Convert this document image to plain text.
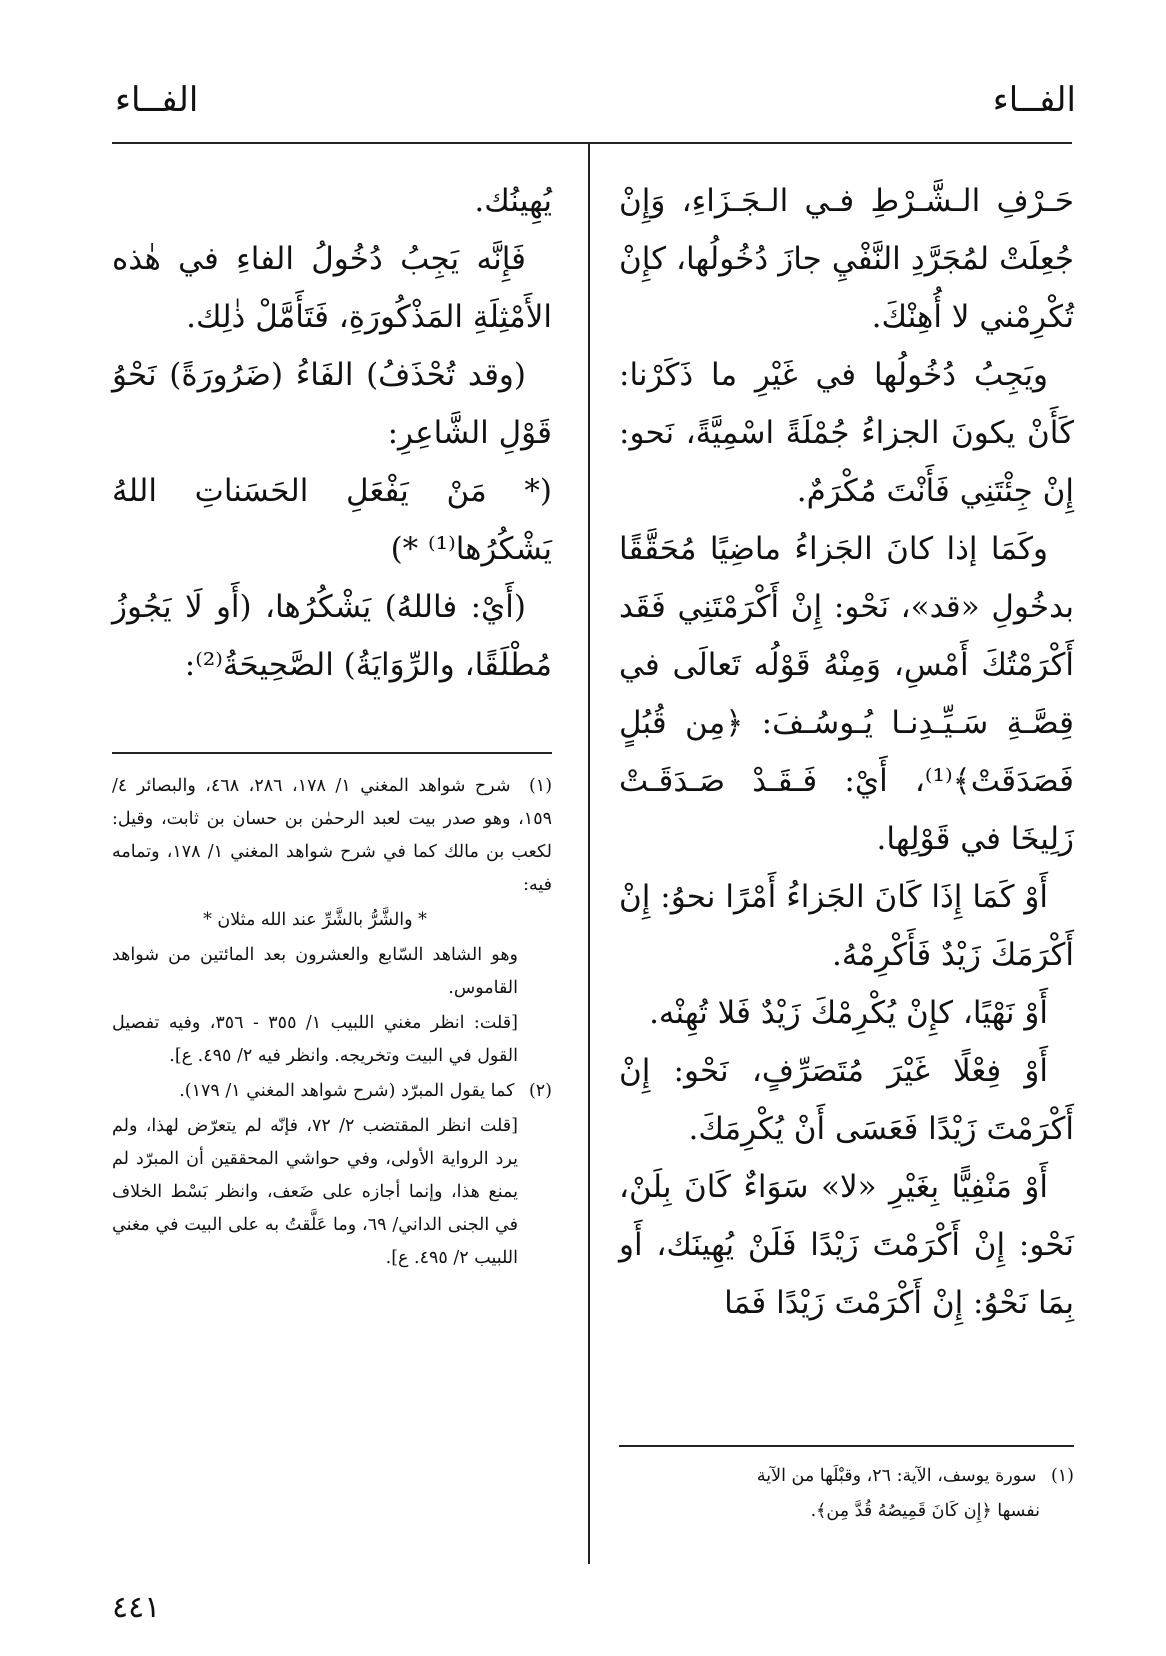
الفــاء
الفــاء

حَـرْفِ الـشَّـرْطِ فـي الـجَـزَاءِ، وَإِنْ جُعِلَتْ لمُجَرَّدِ النَّفْيِ جازَ دُخُولُها، كإِنْ تُكْرِمْني لا أُهِنْكَ.

ويَجِبُ دُخُولُها في غَيْرِ ما ذَكَرْنا: كَأَنْ يكونَ الجزاءُ جُمْلَةً اسْمِيَّةً، نَحو: إِنْ جِئْتَنِي فَأَنْتَ مُكْرَمٌ.

وكَمَا إذا كانَ الجَزاءُ ماضِيًا مُحَقَّقًا بدخُولِ «قد»، نَحْو: إِنْ أَكْرَمْتَنِي فَقَد أَكْرَمْتُكَ أَمْسِ، وَمِنْهُ قَوْلُه تَعالَى في قِصَّـةِ سَـيِّـدِنـا يُـوسُـفَ: ﴿مِن قُبُلٍ فَصَدَقَتْ﴾⁽¹⁾، أَيْ: فَـقَـدْ صَـدَقَـتْ زَلِيخَا في قَوْلِها.

أَوْ كَمَا إِذَا كَانَ الجَزاءُ أَمْرًا نحوُ: إِنْ أَكْرَمَكَ زَيْدٌ فَأَكْرِمْهُ.

أَوْ نَهْيًا، كإِنْ يُكْرِمْكَ زَيْدٌ فَلا تُهِنْه.

أَوْ فِعْلًا غَيْرَ مُتَصَرِّفٍ، نَحْو: إِنْ أَكْرَمْتَ زَيْدًا فَعَسَى أَنْ يُكْرِمَكَ.

أَوْ مَنْفِيًّا بِغَيْرِ «لا» سَوَاءٌ كَانَ بِلَنْ، نَحْو: إِنْ أَكْرَمْتَ زَيْدًا فَلَنْ يُهِينَك، أَو بِمَا نَحْوُ: إِنْ أَكْرَمْتَ زَيْدًا فَمَا

يُهِينُك.

فَإِنَّه يَجِبُ دُخُولُ الفاءِ في هٰذه الأَمْثِلَةِ المَذْكُورَةِ، فَتَأَمَّلْ ذٰلِك.

(وقد تُحْذَفُ) الفَاءُ (ضَرُورَةً) نَحْوُ قَوْلِ الشَّاعِرِ:

(* مَنْ يَفْعَلِ الحَسَناتِ اللهُ يَشْكُرُها⁽¹⁾ *)

(أَيْ: فاللهُ) يَشْكُرُها، (أَو لَا يَجُوزُ مُطْلَقًا، والرِّوَايَةُ) الصَّحِيحَةُ⁽²⁾:

(١) شرح شواهد المغني ١/ ١٧٨، ٢٨٦، ٤٦٨، والبصائر ٤/ ١٥٩، وهو صدر بيت لعبد الرحمٰن بن حسان بن ثابت، وقيل: لكعب بن مالك كما في شرح شواهد المغني ١/ ١٧٨، وتمامه فيه:

* والشَّرُّ بالشَّرِّ عند الله مثلان *

وهو الشاهد السّابع والعشرون بعد المائتين من شواهد القاموس.

[قلت: انظر مغني اللبيب ١/ ٣٥٥ - ٣٥٦، وفيه تفصيل القول في البيت وتخريجه. وانظر فيه ٢/ ٤٩٥. ع].

(٢) كما يقول المبرّد (شرح شواهد المغني ١/ ١٧٩).

[قلت انظر المقتضب ٢/ ٧٢، فإنّه لم يتعرّض لهذا، ولم يرد الرواية الأولى، وفي حواشي المحققين أن المبرّد لم يمنع هذا، وإنما أجازه على ضَعف، وانظر بَسْط الخلاف في الجنى الداني/ ٦٩، وما عَلَّقتُ به على البيت في مغني اللبيب ٢/ ٤٩٥. ع].

(١) سورة يوسف، الآية: ٢٦، وقبْلَها من الآية

نفسها ﴿إِن كَانَ قَمِيصُهُ قُدَّ مِن﴾.

٤٤١
